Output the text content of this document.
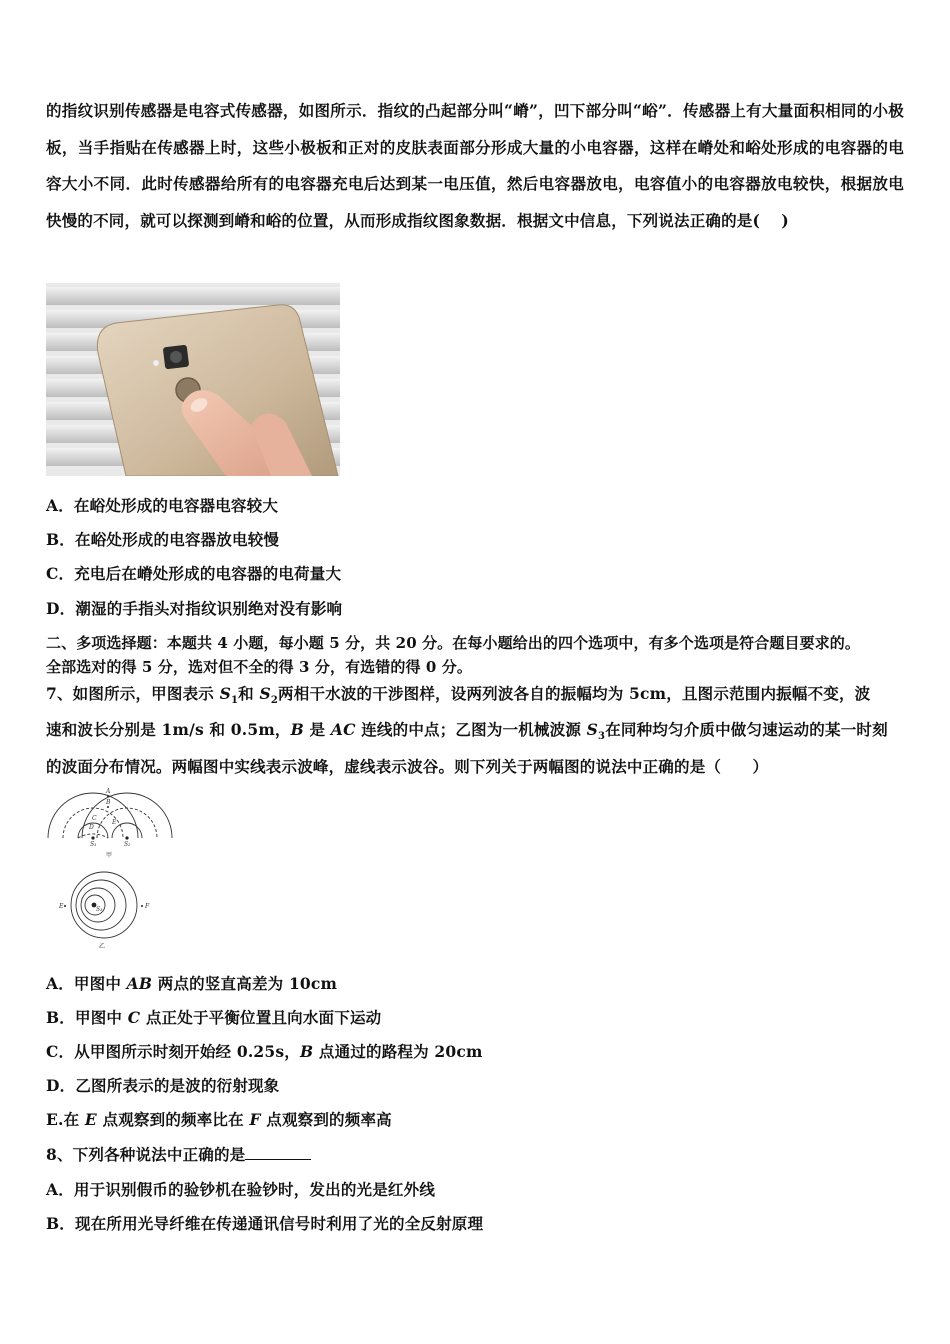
的指纹识别传感器是电容式传感器，如图所示．指纹的凸起部分叫“嵴”，凹下部分叫“峪”．传感器上有大量面积相同的小极板，当手指贴在传感器上时，这些小极板和正对的皮肤表面部分形成大量的小电容器，这样在嵴处和峪处形成的电容器的电容大小不同．此时传感器给所有的电容器充电后达到某一电压值，然后电容器放电，电容值小的电容器放电较快，根据放电快慢的不同，就可以探测到嵴和峪的位置，从而形成指纹图象数据．根据文中信息，下列说法正确的是(　 )
A．在峪处形成的电容器电容较大
B．在峪处形成的电容器放电较慢
C．充电后在嵴处形成的电容器的电荷量大
D．潮湿的手指头对指纹识别绝对没有影响
二、多项选择题：本题共 4 小题，每小题 5 分，共 20 分。在每小题给出的四个选项中，有多个选项是符合题目要求的。
全部选对的得 5 分，选对但不全的得 3 分，有选错的得 0 分。
7、如图所示，甲图表示 $S_1$和 $S_2$两相干水波的干涉图样，设两列波各自的振幅均为 5cm，且图示范围内振幅不变，波
速和波长分别是 1m/s 和 0.5m，B 是 AC 连线的中点；乙图为一机械波源 $S_3$在同种均匀介质中做匀速运动的某一时刻
的波面分布情况。两幅图中实线表示波峰，虚线表示波谷。则下列关于两幅图的说法中正确的是（　　）
A
B
C
D
E
S₁	S₂
甲
E	F
S₃
乙
A．甲图中 AB 两点的竖直高差为 10cm
B．甲图中 C 点正处于平衡位置且向水面下运动
C．从甲图所示时刻开始经 0.25s，B 点通过的路程为 20cm
D．乙图所表示的是波的衍射现象
E.在 E 点观察到的频率比在 F 点观察到的频率高
8、下列各种说法中正确的是
A．用于识别假币的验钞机在验钞时，发出的光是红外线
B．现在所用光导纤维在传递通讯信号时利用了光的全反射原理
